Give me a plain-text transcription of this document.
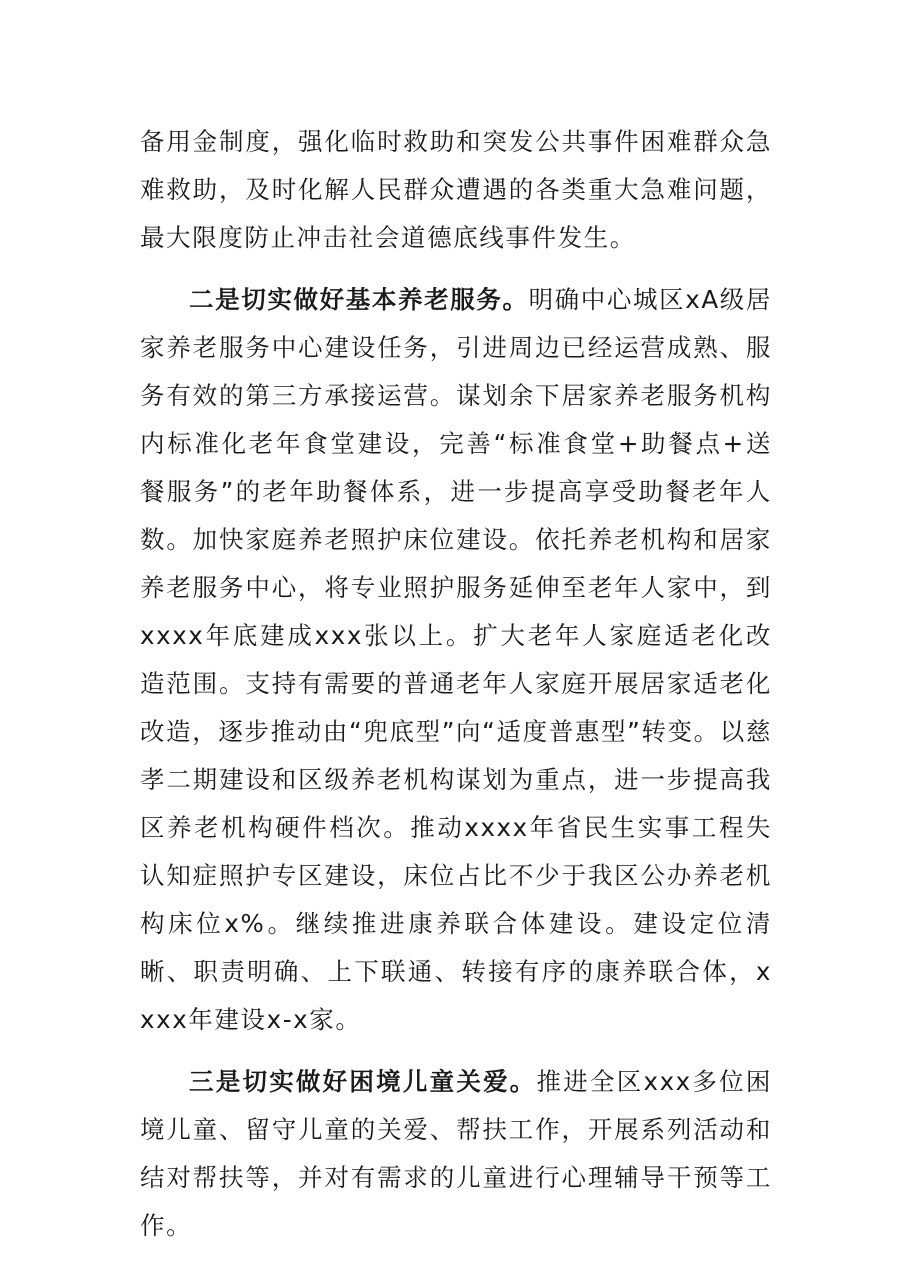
备用金制度，强化临时救助和突发公共事件困难群众急难救助，及时化解人民群众遭遇的各类重大急难问题，最大限度防止冲击社会道德底线事件发生。

二是切实做好基本养老服务。明确中心城区xA级居家养老服务中心建设任务，引进周边已经运营成熟、服务有效的第三方承接运营。谋划余下居家养老服务机构内标准化老年食堂建设，完善“标准食堂+助餐点+送餐服务”的老年助餐体系，进一步提高享受助餐老年人数。加快家庭养老照护床位建设。依托养老机构和居家养老服务中心，将专业照护服务延伸至老年人家中，到xxxx年底建成xxx张以上。扩大老年人家庭适老化改造范围。支持有需要的普通老年人家庭开展居家适老化改造，逐步推动由“兜底型”向“适度普惠型”转变。以慈孝二期建设和区级养老机构谋划为重点，进一步提高我区养老机构硬件档次。推动xxxx年省民生实事工程失认知症照护专区建设，床位占比不少于我区公办养老机构床位x%。继续推进康养联合体建设。建设定位清晰、职责明确、上下联通、转接有序的康养联合体，xxxx年建设x-x家。

三是切实做好困境儿童关爱。推进全区xxx多位困境儿童、留守儿童的关爱、帮扶工作，开展系列活动和结对帮扶等，并对有需求的儿童进行心理辅导干预等工作。
